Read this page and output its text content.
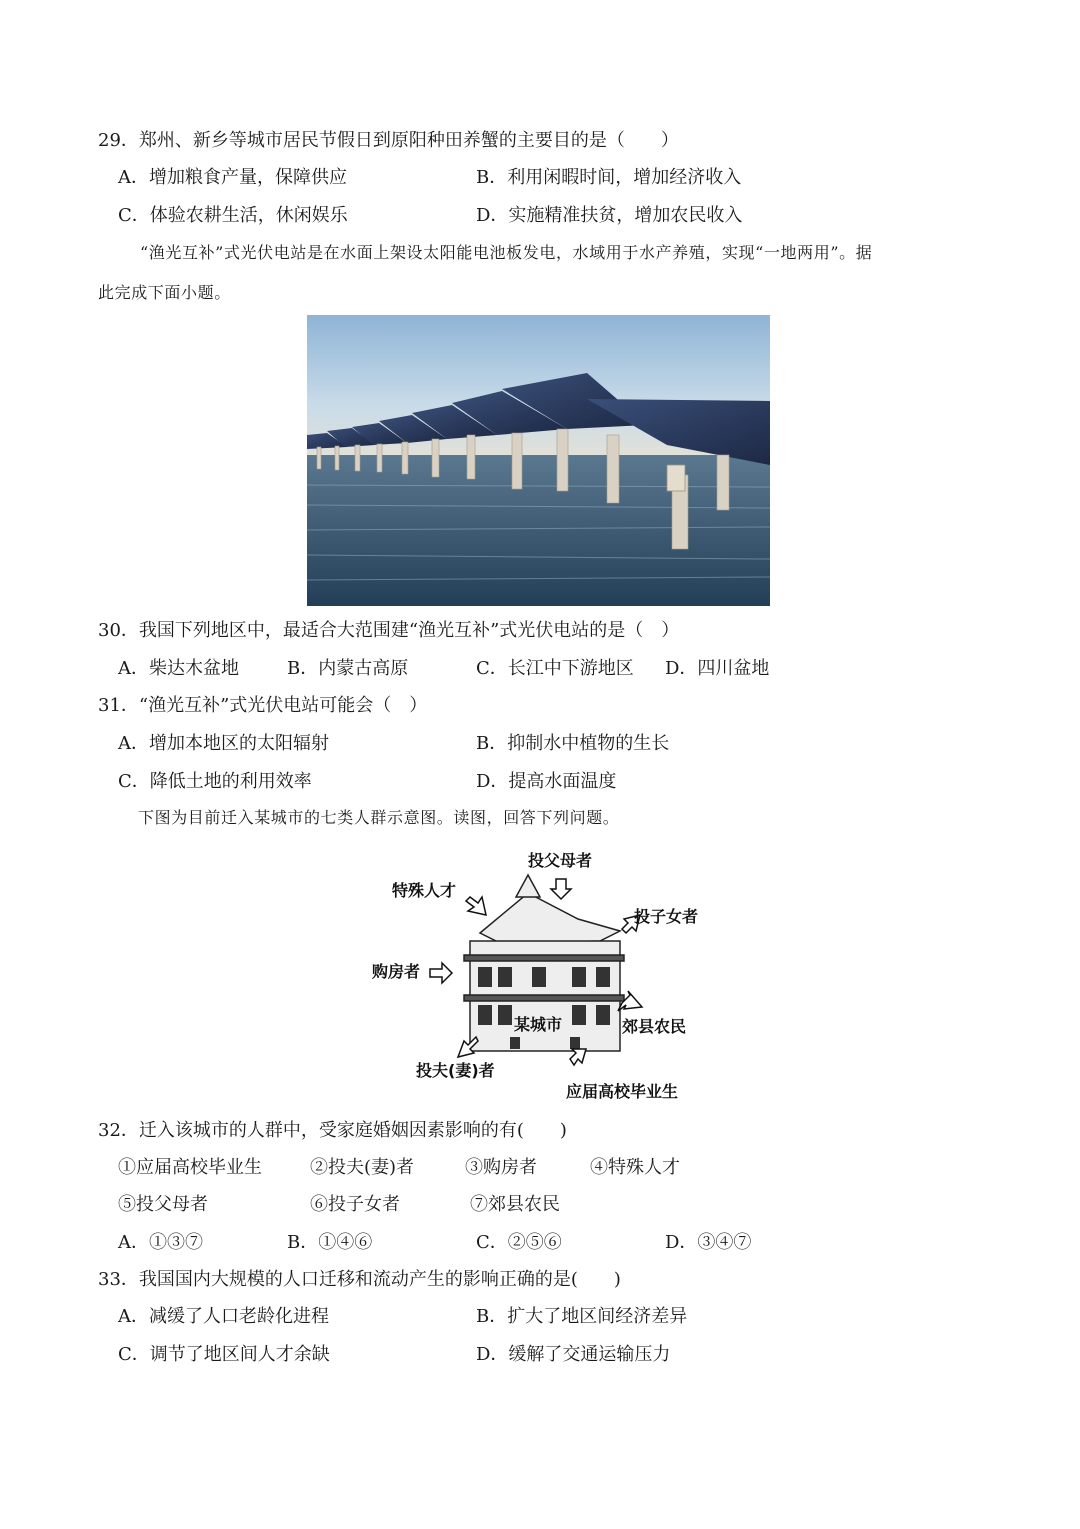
29．郑州、新乡等城市居民节假日到原阳种田养蟹的主要目的是（　　）
A．增加粮食产量，保障供应	B．利用闲暇时间，增加经济收入
C．体验农耕生活，休闲娱乐	D．实施精准扶贫，增加农民收入
“渔光互补”式光伏电站是在水面上架设太阳能电池板发电，水域用于水产养殖，实现“一地两用”。据
此完成下面小题。
30．我国下列地区中，最适合大范围建“渔光互补”式光伏电站的是（　）
A．柴达木盆地	B．内蒙古高原	C．长江中下游地区 D．四川盆地
31．“渔光互补”式光伏电站可能会（　）
A．增加本地区的太阳辐射	B．抑制水中植物的生长
C．降低土地的利用效率	D．提高水面温度
下图为目前迁入某城市的七类人群示意图。读图，回答下列问题。
投父母者
特殊人才
投子女者
购房者
某城市	郊县农民
投夫(妻)者
应届高校毕业生
32．迁入该城市的人群中，受家庭婚姻因素影响的有(　　)
①应届高校毕业生	②投夫(妻)者	③购房者	④特殊人才
⑤投父母者	⑥投子女者	⑦郊县农民
A．①③⑦	B．①④⑥	C．②⑤⑥	D．③④⑦
33．我国国内大规模的人口迁移和流动产生的影响正确的是(　　)
A．减缓了人口老龄化进程	B．扩大了地区间经济差异
C．调节了地区间人才余缺	D．缓解了交通运输压力
